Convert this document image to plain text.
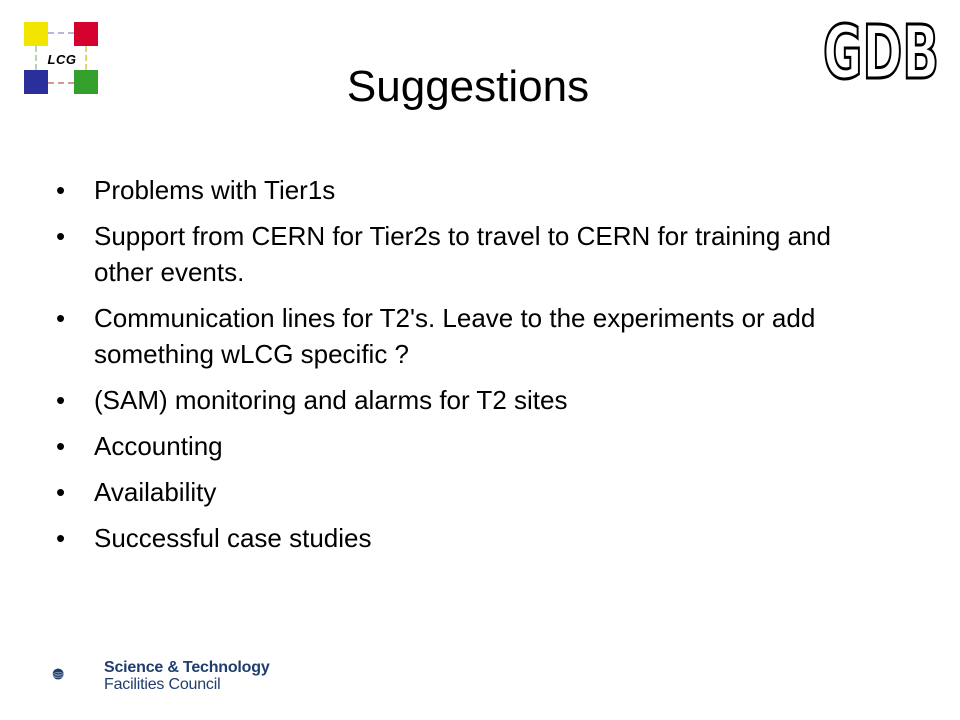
LCG	GDB
Suggestions
•	Problems with Tier1s
•	Support from CERN for Tier2s to travel to CERN for training and other events.
•	Communication lines for T2's. Leave to the experiments or add something wLCG specific ?
•	(SAM) monitoring and alarms for T2 sites
•	Accounting
•	Availability
•	Successful case studies
Science & Technology
Facilities Council
